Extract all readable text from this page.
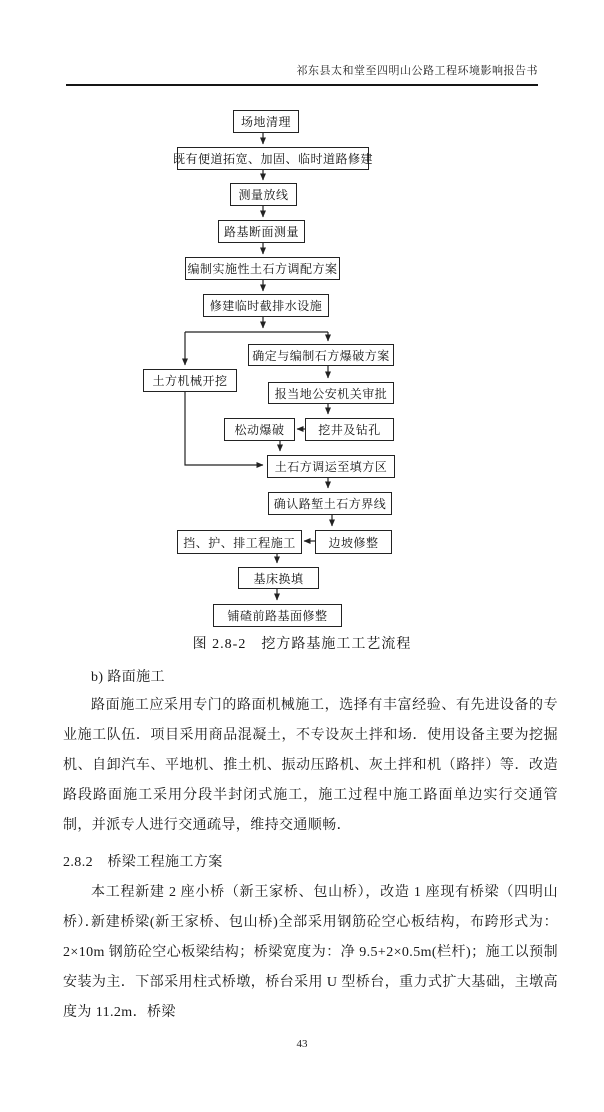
祁东县太和堂至四明山公路工程环境影响报告书
场地清理
既有便道拓宽、加固、临时道路修建
测量放线
路基断面测量
编制实施性土石方调配方案
修建临时截排水设施
确定与编制石方爆破方案
土方机械开挖
报当地公安机关审批
松动爆破	挖井及钻孔
土石方调运至填方区
确认路堑土石方界线
挡、护、排工程施工	边坡修整
基床换填
铺碴前路基面修整
图 2.8-2　挖方路基施工工艺流程

b) 路面施工

路面施工应采用专门的路面机械施工，选择有丰富经验、有先进设备的专业施工队伍．项目采用商品混凝土，不专设灰土拌和场．使用设备主要为挖掘机、自卸汽车、平地机、推土机、振动压路机、灰土拌和机（路拌）等．改造路段路面施工采用分段半封闭式施工，施工过程中施工路面单边实行交通管制，并派专人进行交通疏导，维持交通顺畅．

2.8.2　桥梁工程施工方案

本工程新建 2 座小桥（新王家桥、包山桥），改造 1 座现有桥梁（四明山桥）．

新建桥梁(新王家桥、包山桥)全部采用钢筋砼空心板结构，布跨形式为：2×10m 钢筋砼空心板梁结构；桥梁宽度为：净 9.5+2×0.5m(栏杆)；施工以预制安装为主．下部采用柱式桥墩，桥台采用 U 型桥台，重力式扩大基础，主墩高度为 11.2m．桥梁

43
